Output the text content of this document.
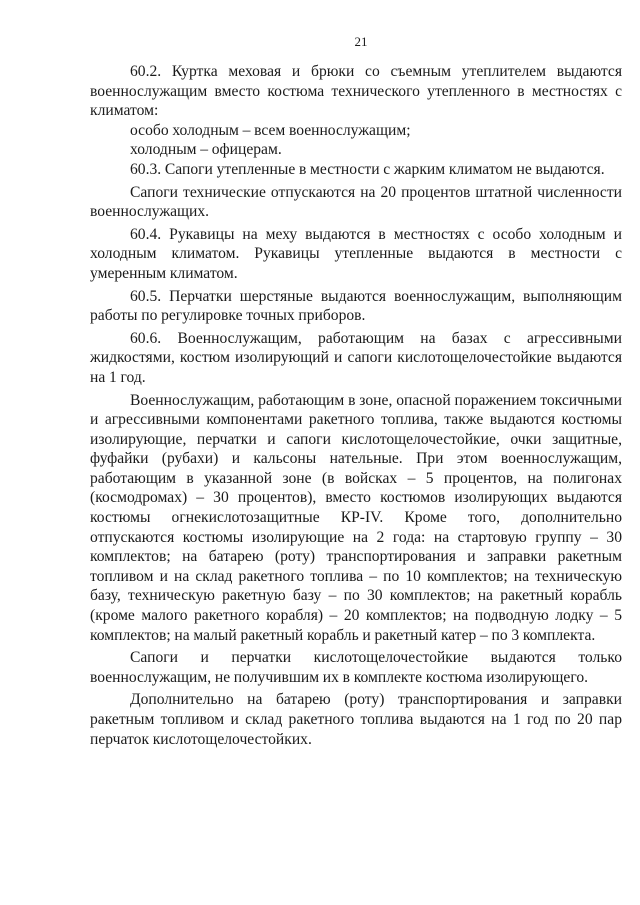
21

60.2. Куртка меховая и брюки со съемным утеплителем выдаются военнослужащим вместо костюма технического утепленного в местностях с климатом:

особо холодным – всем военнослужащим;

холодным – офицерам.

60.3. Сапоги утепленные в местности с жарким климатом не выдаются.

Сапоги технические отпускаются на 20 процентов штатной численности военнослужащих.

60.4. Рукавицы на меху выдаются в местностях с особо холодным и холодным климатом. Рукавицы утепленные выдаются в местности с умеренным климатом.

60.5. Перчатки шерстяные выдаются военнослужащим, выполняющим работы по регулировке точных приборов.

60.6. Военнослужащим, работающим на базах с агрессивными жидкостями, костюм изолирующий и сапоги кислотощелочестойкие выдаются на 1 год.

Военнослужащим, работающим в зоне, опасной поражением токсичными и агрессивными компонентами ракетного топлива, также выдаются костюмы изолирующие, перчатки и сапоги кислотощелочестойкие, очки защитные, фуфайки (рубахи) и кальсоны нательные. При этом военнослужащим, работающим в указанной зоне (в войсках – 5 процентов, на полигонах (космодромах) – 30 процентов), вместо костюмов изолирующих выдаются костюмы огнекислотозащитные КР-IV. Кроме того, дополнительно отпускаются костюмы изолирующие на 2 года: на стартовую группу – 30 комплектов; на батарею (роту) транспортирования и заправки ракетным топливом и на склад ракетного топлива – по 10 комплектов; на техническую базу, техническую ракетную базу – по 30 комплектов; на ракетный корабль (кроме малого ракетного корабля) – 20 комплектов; на подводную лодку – 5 комплектов; на малый ракетный корабль и ракетный катер – по 3 комплекта.

Сапоги и перчатки кислотощелочестойкие выдаются только военнослужащим, не получившим их в комплекте костюма изолирующего.

Дополнительно на батарею (роту) транспортирования и заправки ракетным топливом и склад ракетного топлива выдаются на 1 год по 20 пар перчаток кислотощелочестойких.
